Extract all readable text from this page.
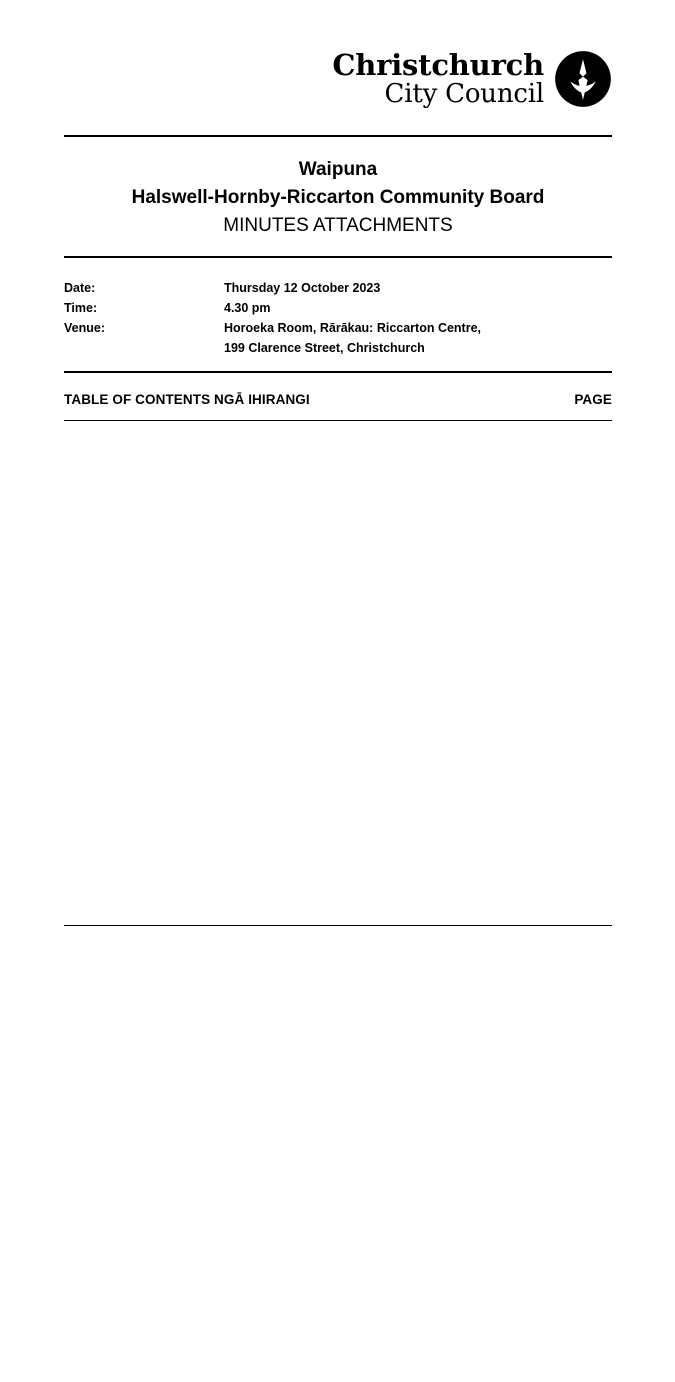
Christchurch
City Council
Waipuna
Halswell-Hornby-Riccarton Community Board
MINUTES ATTACHMENTS
Date:	Thursday 12 October 2023
Time:	4.30 pm
Venue:	Horoeka Room, Rārākau: Riccarton Centre,
199 Clarence Street, Christchurch
TABLE OF CONTENTS NGĀ IHIRANGI	PAGE
